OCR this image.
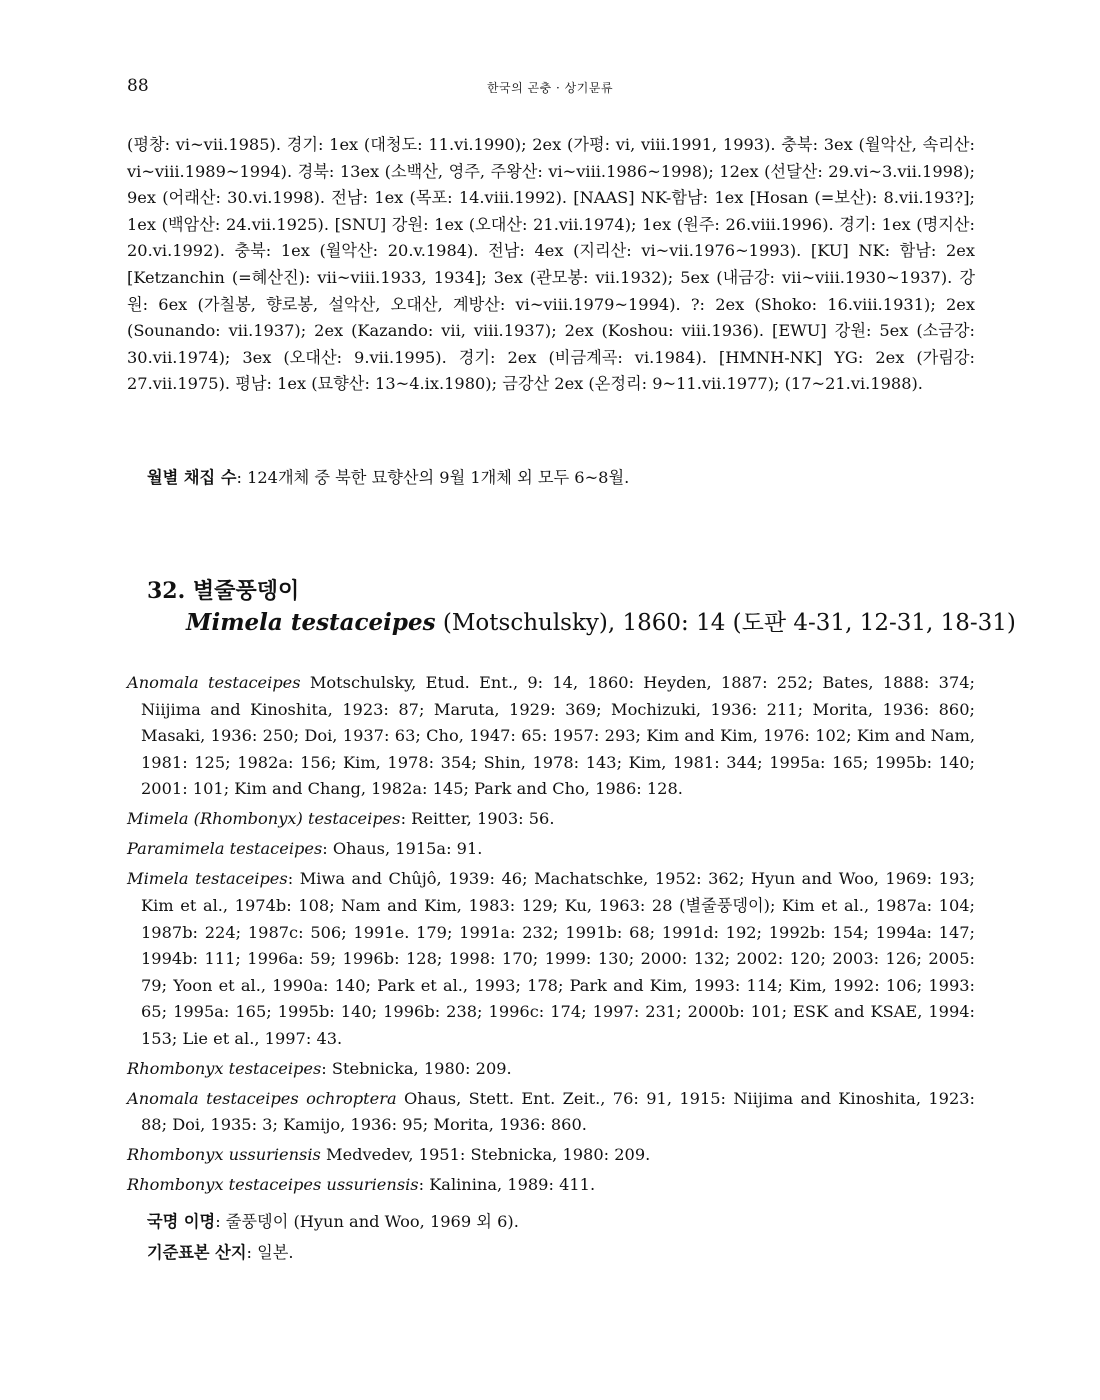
88	한국의 곤충 · 상기문류

(평창: vi~vii.1985). 경기: 1ex (대청도: 11.vi.1990); 2ex (가평: vi, viii.1991, 1993). 충북: 3ex (월악산, 속리산: vi~viii.1989~1994). 경북: 13ex (소백산, 영주, 주왕산: vi~viii.1986~1998); 12ex (선달산: 29.vi~3.vii.1998); 9ex (어래산: 30.vi.1998). 전남: 1ex (목포: 14.viii.1992). [NAAS] NK-함남: 1ex [Hosan (=보산): 8.vii.193?]; 1ex (백암산: 24.vii.1925). [SNU] 강원: 1ex (오대산: 21.vii.1974); 1ex (원주: 26.viii.1996). 경기: 1ex (명지산: 20.vi.1992). 충북: 1ex (월악산: 20.v.1984). 전남: 4ex (지리산: vi~vii.1976~1993). [KU] NK: 함남: 2ex [Ketzanchin (=혜산진): vii~viii.1933, 1934]; 3ex (관모봉: vii.1932); 5ex (내금강: vii~viii.1930~1937). 강원: 6ex (가칠봉, 향로봉, 설악산, 오대산, 계방산: vi~viii.1979~1994). ?: 2ex (Shoko: 16.viii.1931); 2ex (Sounando: vii.1937); 2ex (Kazando: vii, viii.1937); 2ex (Koshou: viii.1936). [EWU] 강원: 5ex (소금강: 30.vii.1974); 3ex (오대산: 9.vii.1995). 경기: 2ex (비금계곡: vi.1984). [HMNH-NK] YG: 2ex (가림강: 27.vii.1975). 평남: 1ex (묘향산: 13~4.ix.1980); 금강산 2ex (온정리: 9~11.vii.1977); (17~21.vi.1988).

월별 채집 수: 124개체 중 북한 묘향산의 9월 1개체 외 모두 6~8월.
32. 별줄풍뎅이
Mimela testaceipes (Motschulsky), 1860: 14 (도판 4-31, 12-31, 18-31)

Anomala testaceipes Motschulsky, Etud. Ent., 9: 14, 1860: Heyden, 1887: 252; Bates, 1888: 374; Niijima and Kinoshita, 1923: 87; Maruta, 1929: 369; Mochizuki, 1936: 211; Morita, 1936: 860; Masaki, 1936: 250; Doi, 1937: 63; Cho, 1947: 65: 1957: 293; Kim and Kim, 1976: 102; Kim and Nam, 1981: 125; 1982a: 156; Kim, 1978: 354; Shin, 1978: 143; Kim, 1981: 344; 1995a: 165; 1995b: 140; 2001: 101; Kim and Chang, 1982a: 145; Park and Cho, 1986: 128.

Mimela (Rhombonyx) testaceipes: Reitter, 1903: 56.

Paramimela testaceipes: Ohaus, 1915a: 91.

Mimela testaceipes: Miwa and Chûjô, 1939: 46; Machatschke, 1952: 362; Hyun and Woo, 1969: 193; Kim et al., 1974b: 108; Nam and Kim, 1983: 129; Ku, 1963: 28 (별줄풍뎅이); Kim et al., 1987a: 104; 1987b: 224; 1987c: 506; 1991e. 179; 1991a: 232; 1991b: 68; 1991d: 192; 1992b: 154; 1994a: 147; 1994b: 111; 1996a: 59; 1996b: 128; 1998: 170; 1999: 130; 2000: 132; 2002: 120; 2003: 126; 2005: 79; Yoon et al., 1990a: 140; Park et al., 1993; 178; Park and Kim, 1993: 114; Kim, 1992: 106; 1993: 65; 1995a: 165; 1995b: 140; 1996b: 238; 1996c: 174; 1997: 231; 2000b: 101; ESK and KSAE, 1994: 153; Lie et al., 1997: 43.

Rhombonyx testaceipes: Stebnicka, 1980: 209.

Anomala testaceipes ochroptera Ohaus, Stett. Ent. Zeit., 76: 91, 1915: Niijima and Kinoshita, 1923: 88; Doi, 1935: 3; Kamijo, 1936: 95; Morita, 1936: 860.

Rhombonyx ussuriensis Medvedev, 1951: Stebnicka, 1980: 209.

Rhombonyx testaceipes ussuriensis: Kalinina, 1989: 411.

국명 이명: 줄풍뎅이 (Hyun and Woo, 1969 외 6).
기준표본 산지: 일본.
